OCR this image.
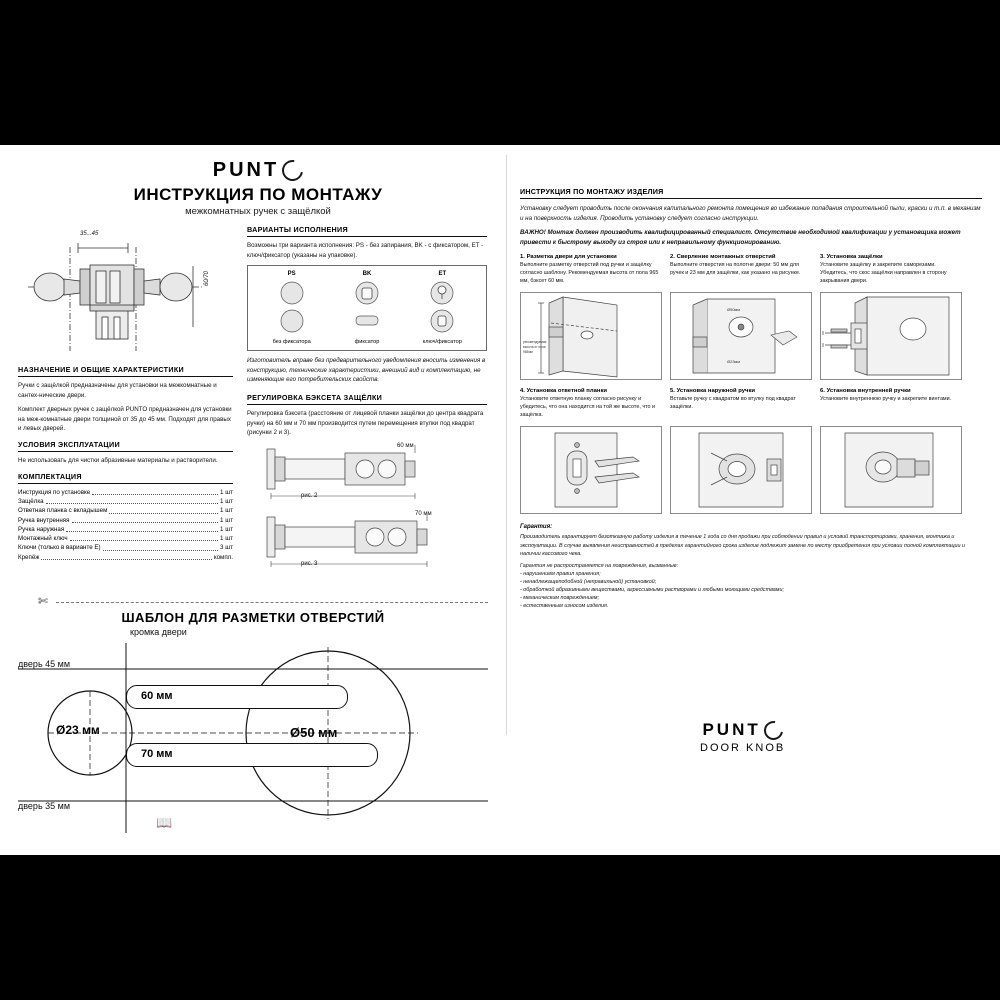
PUNT
ИНСТРУКЦИЯ ПО МОНТАЖУ
межкомнатных ручек с защёлкой
35...45
60/70
НАЗНАЧЕНИЕ И ОБЩИЕ ХАРАКТЕРИСТИКИ

Ручки с защёлкой предназначены для установки на межкомнатные и сантех-нические двери.

Комплект дверных ручек с защёлкой PUNTO предназначен для установки на меж-комнатные двери толщиной от 35 до 45 мм. Подходят для правых и левых дверей.

УСЛОВИЯ ЭКСПЛУАТАЦИИ

Не использовать для чистки абразивные материалы и растворители.

КОМПЛЕКТАЦИЯ
Инструкция по установке	1 шт
Защёлка	1 шт
Ответная планка с вкладышем	1 шт
Ручка внутренняя	1 шт
Ручка наружная	1 шт
Монтажный ключ	1 шт
Ключи (только в варианте E)	3 шт
Крепёж	компл.
ВАРИАНТЫ ИСПОЛНЕНИЯ

Возможны три варианта исполнения: PS - без запирания, BK - с фиксатором, ET - ключ/фиксатор (указаны на упаковке).

PS	BK	ET
без фиксатора	фиксатор	ключ/фиксатор

Изготовитель вправе без предварительного уведомления вносить изменения в конструкцию, технические характеристики, внешний вид и комплектацию, не изменяющие его потребительских свойств.

РЕГУЛИРОВКА БЭКСЕТА ЗАЩЁЛКИ

Регулировка бэксета (расстояние от лицевой планки защёлки до центра квадрата ручки) на 60 мм и 70 мм производится путем перемещения втулки под квадрат (рисунки 2 и 3).

60 мм
рис. 2
70 мм
рис. 3
✄
ШАБЛОН ДЛЯ РАЗМЕТКИ ОТВЕРСТИЙ
дверь 45 мм
дверь 35 мм
кромка двери
Ø23 мм	Ø50 мм
60 мм
70 мм
📖
ИНСТРУКЦИЯ ПО МОНТАЖУ ИЗДЕЛИЯ

Установку следует проводить после окончания капитального ремонта помещения во избежание попадания строительной пыли, краски и т.п. в механизм и на поверхность изделия. Проводить установку следует согласно инструкции.

ВАЖНО! Монтаж должен производить квалифицированный специалист. Отсутствие необходимой квалификации у установщика может привести к быстрому выходу из строя или к неправильному функционированию.

1. Разметка двери для установки
Выполните разметку отверстий под ручки и защёлку согласно шаблону. Рекомендуемая высота от пола 965 мм, бэксет 60 мм.
рекомендуемая
высота от пола
965мм
2. Сверление монтажных отверстий
Выполните отверстия на полотне двери: 50 мм для ручек и 23 мм для защёлки, как указано на рисунке.
Ø50мм
Ø23мм
3. Установка защёлки
Установите защёлку и закрепите саморезами. Убедитесь, что скос защёлки направлен в сторону закрывания двери.
4. Установка ответной планки
Установите ответную планку согласно рисунку и убедитесь, что она находится на той же высоте, что и защёлка.
5. Установка наружной ручки
Вставьте ручку с квадратом во втулку под квадрат защёлки.
6. Установка внутренней ручки
Установите внутреннюю ручку и закрепите винтами.
Гарантия:
Производитель гарантирует безотказную работу изделия в течение 1 года со дня продажи при соблюдении правил и условий транспортировки, хранения, монтажа и эксплуатации. В случае выявления неисправностей в пределах гарантийного срока изделие подлежит замене по месту приобретения при условии полной комплектации и наличии кассового чека.
Гарантия не распространяется на повреждения, вызванные:
- нарушением правил хранения;
- ненадлежащеподобной (неправильной) установкой;
- обработкой абразивными веществами, агрессивными растворами и любыми моющими средствами;
- механическим повреждением;
- естественным износом изделия.
PUNT
DOOR KNOB
